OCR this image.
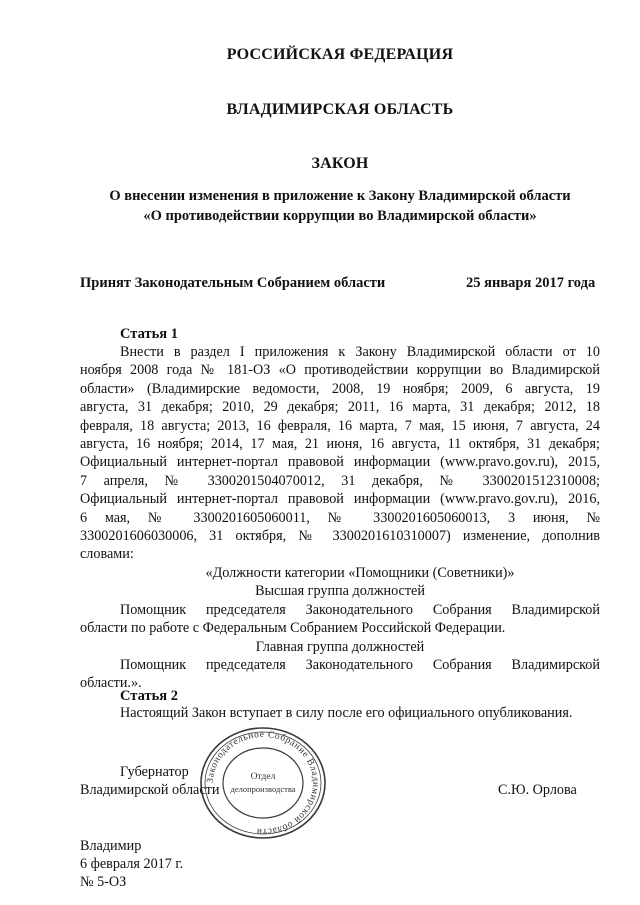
РОССИЙСКАЯ ФЕДЕРАЦИЯ
ВЛАДИМИРСКАЯ ОБЛАСТЬ
ЗАКОН
О внесении изменения в приложение к Закону Владимирской области
«О противодействии коррупции во Владимирской области»
Принят Законодательным Собранием области	25 января 2017 года
Статья 1

Внести в раздел I приложения к Закону Владимирской области от 10

ноября 2008 года № 181-ОЗ «О противодействии коррупции во Владимирской

области» (Владимирские ведомости, 2008, 19 ноября; 2009, 6 августа, 19

августа, 31 декабря; 2010, 29 декабря; 2011, 16 марта, 31 декабря; 2012, 18

февраля, 18 августа; 2013, 16 февраля, 16 марта, 7 мая, 15 июня, 7 августа, 24

августа, 16 ноября; 2014, 17 мая, 21 июня, 16 августа, 11 октября, 31 декабря;

Официальный интернет-портал правовой информации (www.pravo.gov.ru), 2015,

7 апреля, № 3300201504070012, 31 декабря, № 3300201512310008;

Официальный интернет-портал правовой информации (www.pravo.gov.ru), 2016,

6 мая, № 3300201605060011, № 3300201605060013, 3 июня, №

3300201606030006, 31 октября, № 3300201610310007) изменение, дополнив

словами:

«Должности категории «Помощники (Советники)»

Высшая группа должностей

Помощник председателя Законодательного Собрания Владимирской

области по работе с Федеральным Собранием Российской Федерации.

Главная группа должностей

Помощник председателя Законодательного Собрания Владимирской

области.».

Статья 2
Настоящий Закон вступает в силу после его официального опубликования.
Законодательное Собрание Владимирской области
Отдел
делопроизводства
Губернатор
Владимирской области	С.Ю. Орлова
Владимир
6 февраля 2017 г.
№ 5-ОЗ
